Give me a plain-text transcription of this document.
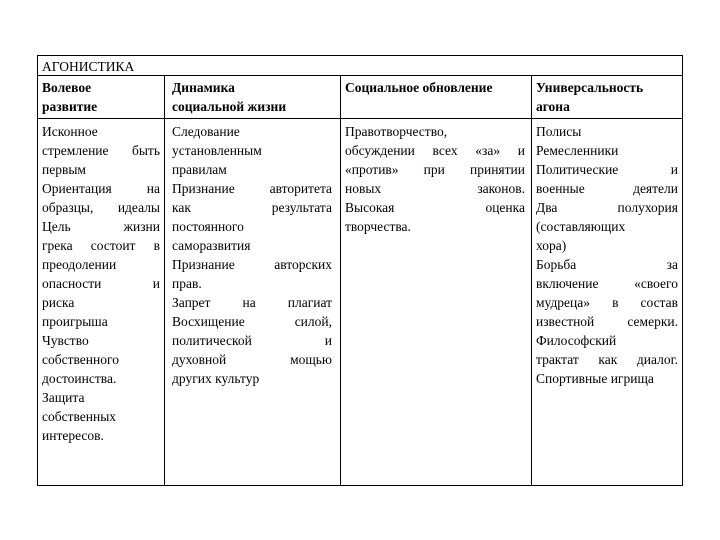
АГОНИСТИКА
Волевое
развитие
Динамика
социальной жизни
Социальное обновление	Универсальность
агона
Исконное
стремление быть
первым
Ориентация на
образцы, идеалы
Цель жизни
грека состоит в
преодолении
опасности и
риска
проигрыша
Чувство
собственного
достоинства.
Защита
собственных
интересов.
Следование
установленным
правилам
Признание авторитета
как результата
постоянного
саморазвития
Признание авторских
прав.
Запрет на плагиат
Восхищение силой,
политической и
духовной мощью
других культур
Правотворчество,
обсуждении всех «за» и
«против» при принятии
новых законов.
Высокая оценка
творчества.
Полисы
Ремесленники
Политические и
военные деятели
Два полухория
(составляющих
хора)
Борьба за
включение «своего
мудреца» в состав
известной семерки.
Философский
трактат как диалог.
Спортивные игрища
